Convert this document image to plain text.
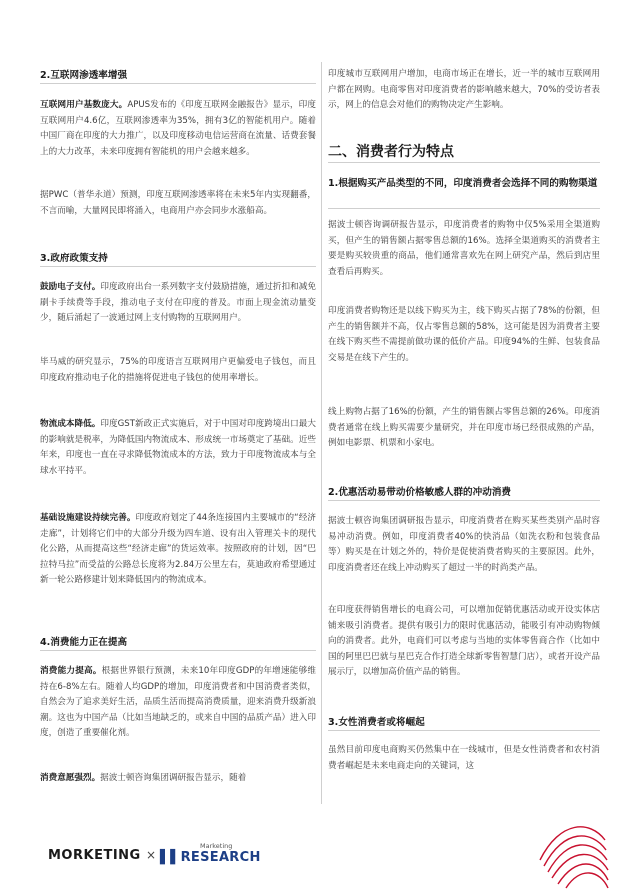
2.互联网渗透率增强

互联网用户基数庞大。APUS发布的《印度互联网金融报告》显示，印度互联网用户4.6亿，互联网渗透率为35%，拥有3亿的智能机用户。随着中国厂商在印度的大力推广，以及印度移动电信运营商在流量、话费套餐上的大力改革，未来印度拥有智能机的用户会越来越多。

据PWC（普华永道）预测，印度互联网渗透率将在未来5年内实现翻番，不言而喻，大量网民即将涌入，电商用户亦会同步水涨船高。

3.政府政策支持

鼓励电子支付。印度政府出台一系列数字支付鼓励措施，通过折扣和减免刷卡手续费等手段，推动电子支付在印度的普及。市面上现金流动量变少，随后涌起了一波通过网上支付购物的互联网用户。

毕马威的研究显示，75%的印度语言互联网用户更偏爱电子钱包，而且印度政府推动电子化的措施将促进电子钱包的使用率增长。

物流成本降低。印度GST新政正式实施后，对于中国对印度跨境出口最大的影响就是税率，为降低国内物流成本、形成统一市场奠定了基础。近些年来，印度也一直在寻求降低物流成本的方法，致力于印度物流成本与全球水平持平。

基础设施建设持续完善。印度政府划定了44条连接国内主要城市的“经济走廊”，计划将它们中的大部分升级为四车道、设有出入管理关卡的现代化公路，从而提高这些“经济走廊”的货运效率。按照政府的计划，因“巴拉特马拉”而受益的公路总长度将为2.84万公里左右，莫迪政府希望通过新一轮公路修建计划来降低国内的物流成本。

4.消费能力正在提高

消费能力提高。根据世界银行预测，未来10年印度GDP的年增速能够维持在6-8%左右。随着人均GDP的增加，印度消费者和中国消费者类似，自然会为了追求美好生活，品质生活而提高消费质量，迎来消费升级新浪潮。这也为中国产品（比如当地缺乏的，或来自中国的品质产品）进入印度，创造了重要催化剂。

消费意愿强烈。据波士顿咨询集团调研报告显示，随着

印度城市互联网用户增加，电商市场正在增长，近一半的城市互联网用户都在网购。电商零售对印度消费者的影响越来越大，70%的受访者表示，网上的信息会对他们的购物决定产生影响。

二、消费者行为特点
1.根据购买产品类型的不同，印度消费者会选择不同的购物渠道

据波士顿咨询调研报告显示，印度消费者的购物中仅5%采用全渠道购买，但产生的销售额占据零售总额的16%。选择全渠道购买的消费者主要是购买较贵重的商品，他们通常喜欢先在网上研究产品，然后到店里查看后再购买。

印度消费者购物还是以线下购买为主，线下购买占据了78%的份额，但产生的销售额并不高，仅占零售总额的58%，这可能是因为消费者主要在线下购买些不需提前做功课的低价产品。印度94%的生鲜、包装食品交易是在线下产生的。

线上购物占据了16%的份额，产生的销售额占零售总额的26%。印度消费者通常在线上购买需要少量研究，并在印度市场已经很成熟的产品，例如电影票、机票和小家电。

2.优惠活动易带动价格敏感人群的冲动消费

据波士顿咨询集团调研报告显示，印度消费者在购买某些类别产品时容易冲动消费。例如，印度消费者40%的快消品（如洗衣粉和包装食品等）购买是在计划之外的，特价是促使消费者购买的主要原因。此外，印度消费者还在线上冲动购买了超过一半的时尚类产品。

在印度获得销售增长的电商公司，可以增加促销优惠活动或开设实体店铺来吸引消费者。提供有吸引力的限时优惠活动，能吸引有冲动购物倾向的消费者。此外，电商们可以考虑与当地的实体零售商合作（比如中国的阿里巴巴就与星巴克合作打造全球新零售智慧门店），或者开设产品展示厅，以增加高价值产品的销售。

3.女性消费者或将崛起

虽然目前印度电商购买仍然集中在一线城市，但是女性消费者和农村消费者崛起是未来电商走向的关键词，这

MORKETING ×
Marketing
▌▌RESEARCH
